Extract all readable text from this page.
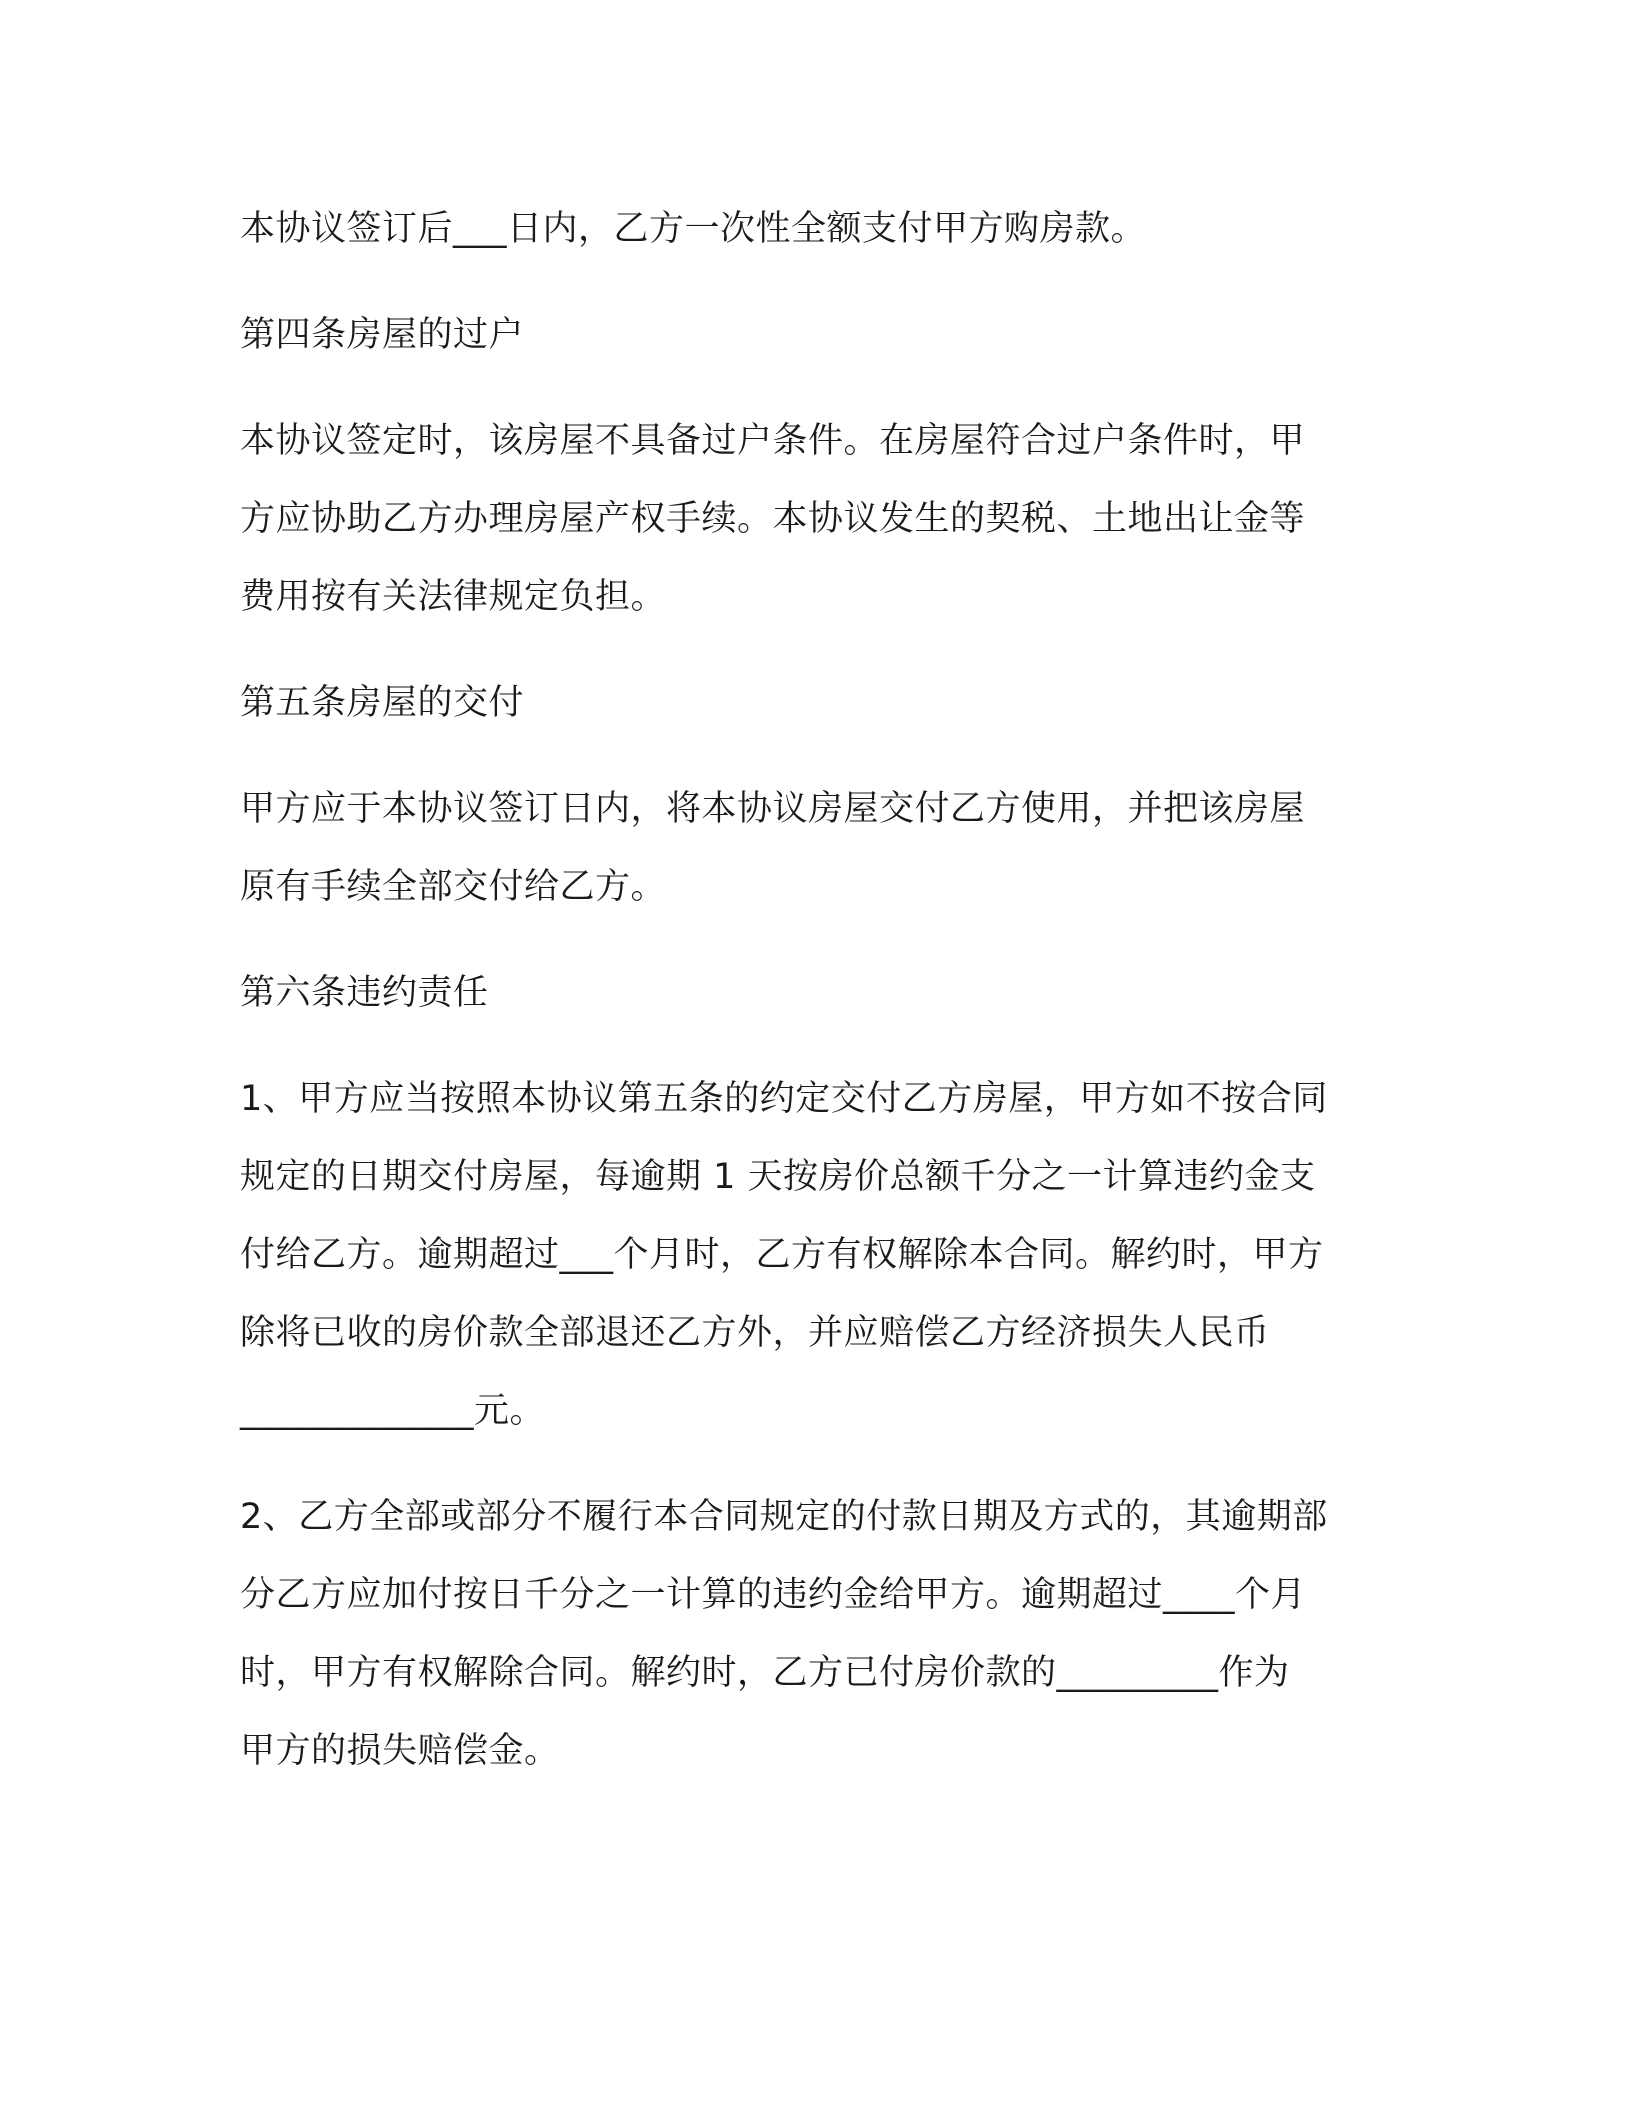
本协议签订后___日内，乙方一次性全额支付甲方购房款。
第四条房屋的过户
本协议签定时，该房屋不具备过户条件。在房屋符合过户条件时，甲
方应协助乙方办理房屋产权手续。本协议发生的契税、土地出让金等
费用按有关法律规定负担。
第五条房屋的交付
甲方应于本协议签订日内，将本协议房屋交付乙方使用，并把该房屋
原有手续全部交付给乙方。
第六条违约责任
1、甲方应当按照本协议第五条的约定交付乙方房屋，甲方如不按合同
规定的日期交付房屋，每逾期 1 天按房价总额千分之一计算违约金支
付给乙方。逾期超过___个月时，乙方有权解除本合同。解约时，甲方
除将已收的房价款全部退还乙方外，并应赔偿乙方经济损失人民币
_____________元。
2、乙方全部或部分不履行本合同规定的付款日期及方式的，其逾期部
分乙方应加付按日千分之一计算的违约金给甲方。逾期超过____个月
时，甲方有权解除合同。解约时，乙方已付房价款的_________作为
甲方的损失赔偿金。
